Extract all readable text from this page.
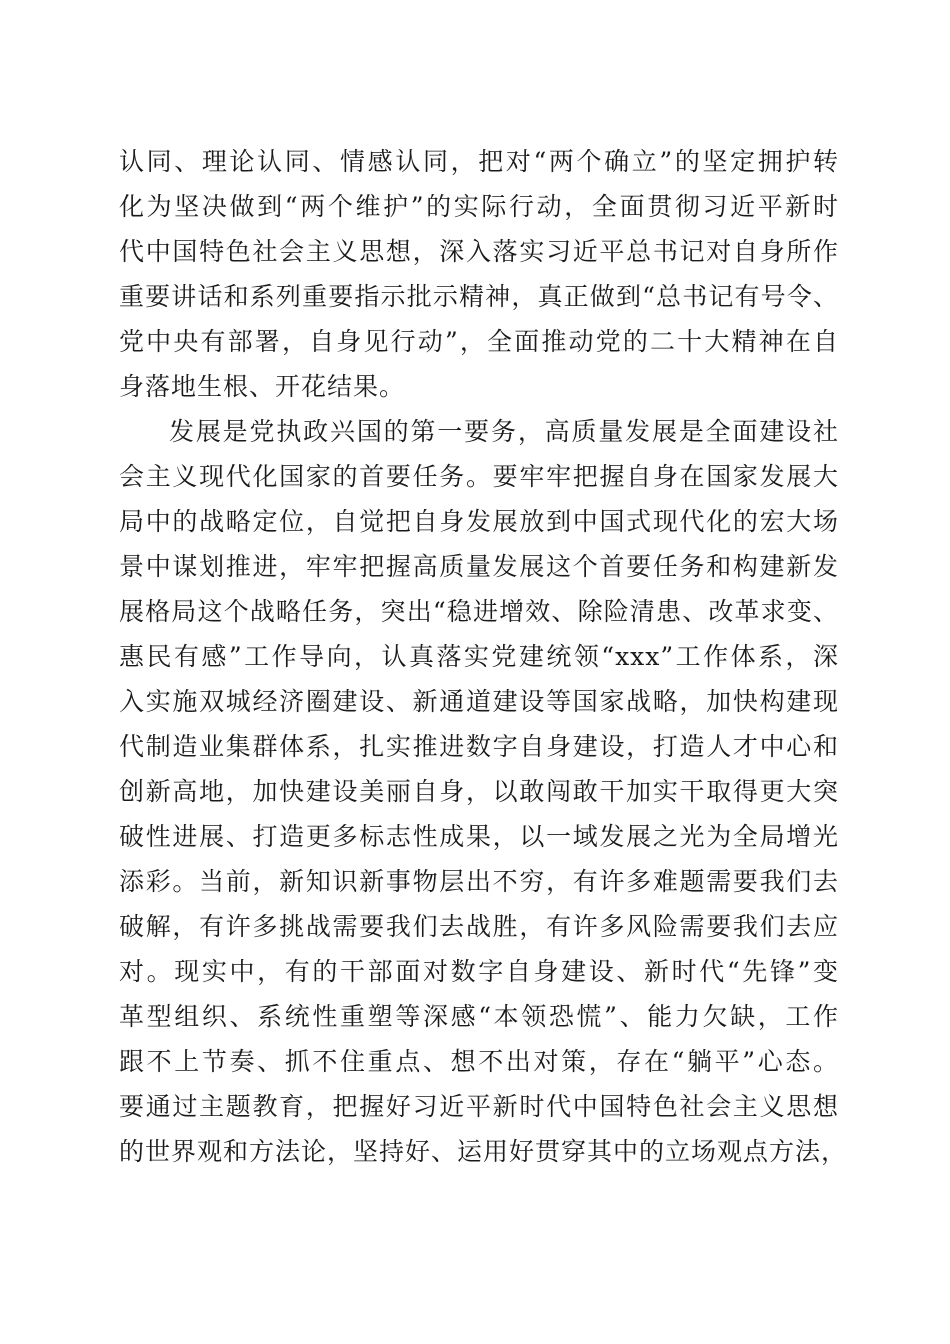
认同、理论认同、情感认同，把对“两个确立”的坚定拥护转
化为坚决做到“两个维护”的实际行动，全面贯彻习近平新时
代中国特色社会主义思想，深入落实习近平总书记对自身所作
重要讲话和系列重要指示批示精神，真正做到“总书记有号令、
党中央有部署，自身见行动”，全面推动党的二十大精神在自
身落地生根、开花结果。
发展是党执政兴国的第一要务，高质量发展是全面建设社
会主义现代化国家的首要任务。要牢牢把握自身在国家发展大
局中的战略定位，自觉把自身发展放到中国式现代化的宏大场
景中谋划推进，牢牢把握高质量发展这个首要任务和构建新发
展格局这个战略任务，突出“稳进增效、除险清患、改革求变、
惠民有感”工作导向，认真落实党建统领“xxx”工作体系，深
入实施双城经济圈建设、新通道建设等国家战略，加快构建现
代制造业集群体系，扎实推进数字自身建设，打造人才中心和
创新高地，加快建设美丽自身，以敢闯敢干加实干取得更大突
破性进展、打造更多标志性成果，以一域发展之光为全局增光
添彩。当前，新知识新事物层出不穷，有许多难题需要我们去
破解，有许多挑战需要我们去战胜，有许多风险需要我们去应
对。现实中，有的干部面对数字自身建设、新时代“先锋”变
革型组织、系统性重塑等深感“本领恐慌”、能力欠缺，工作
跟不上节奏、抓不住重点、想不出对策，存在“躺平”心态。
要通过主题教育，把握好习近平新时代中国特色社会主义思想
的世界观和方法论，坚持好、运用好贯穿其中的立场观点方法，
